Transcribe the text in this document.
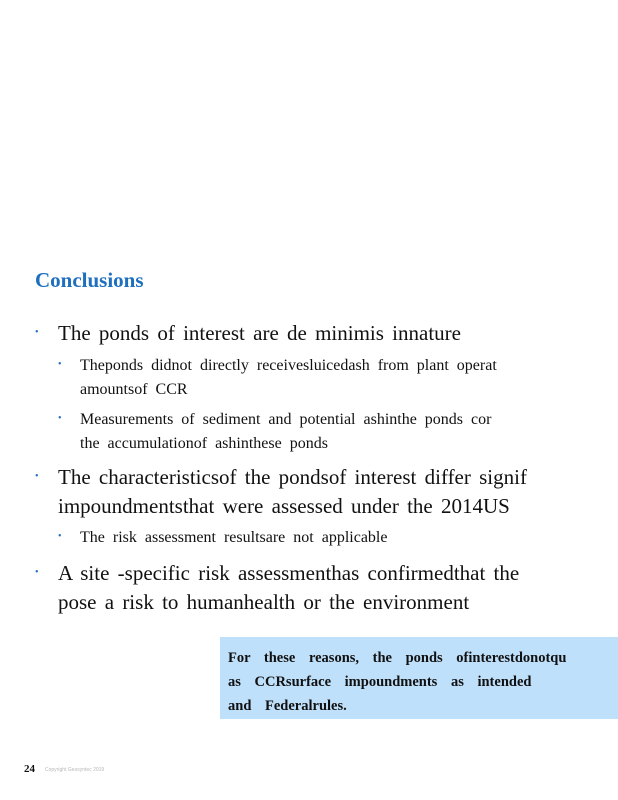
Conclusions
• The ponds of interest are de minimis innature
• Theponds didnot directly receivesluicedash from plant operat
amountsof CCR
• Measurements of sediment and potential ashinthe ponds cor
the accumulationof ashinthese ponds
• The characteristicsof the pondsof interest differ signif
impoundmentsthat were assessed under the 2014US
• The risk assessment resultsare not applicable
• A site -specific risk assessmenthas confirmedthat the
pose a risk to humanhealth or the environment
For these reasons, the ponds ofinterestdonotqu
as CCRsurface impoundments as intended
and Federalrules.
24 Copyright Geosyntec 2019
